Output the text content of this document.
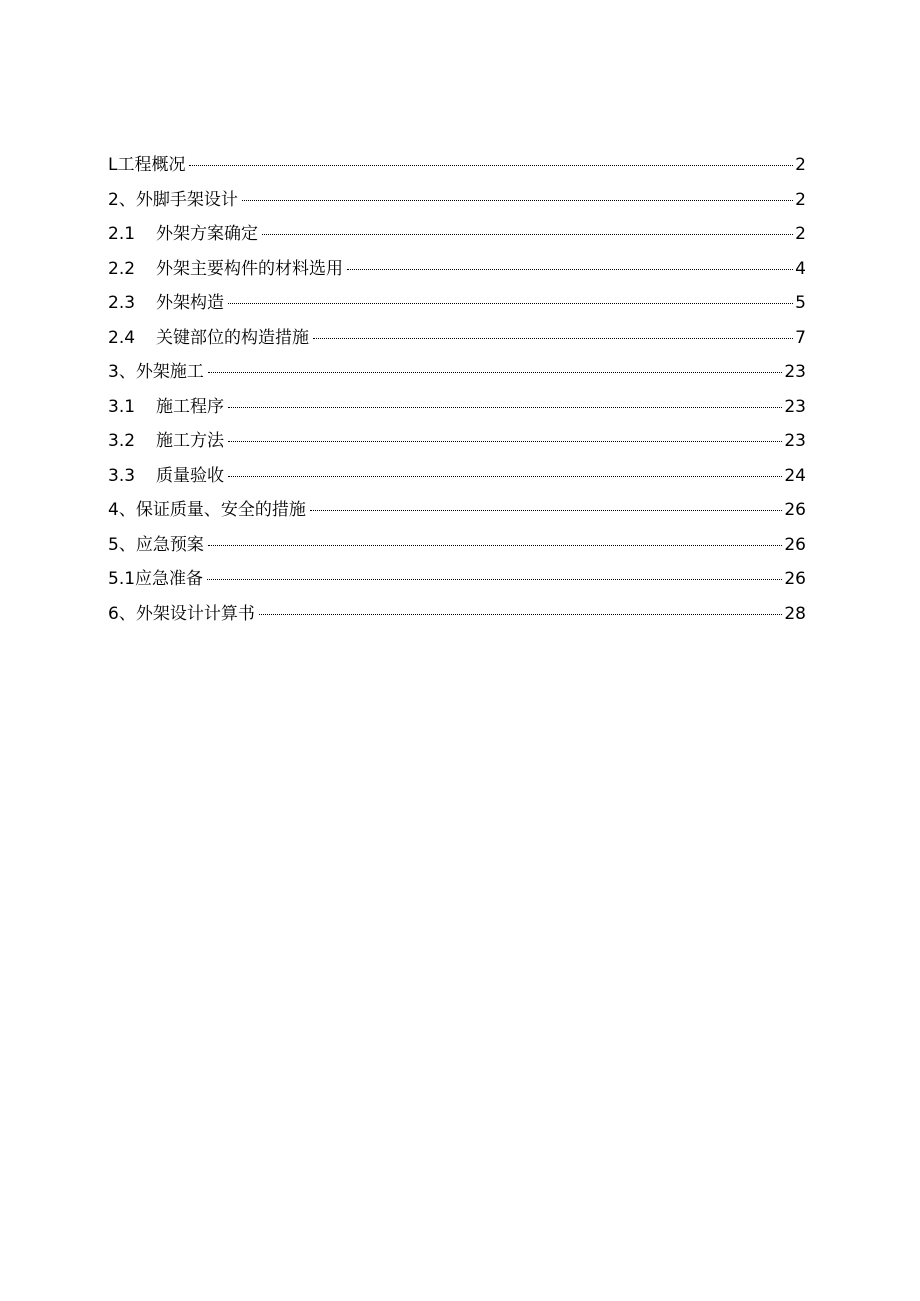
L 工程概况	2
2、 外脚手架设计	2
2.1	外架方案确定	2
2.2	外架主要构件的材料选用	4
2.3	外架构造	5
2.4	关键部位的构造措施	7
3、 外架施工	23
3.1	施工程序	23
3.2	施工方法	23
3.3	质量验收	24
4、 保证质量、安全的措施	26
5、 应急预案	26
5.1 应急准备	26
6、 外架设计计算书	28
